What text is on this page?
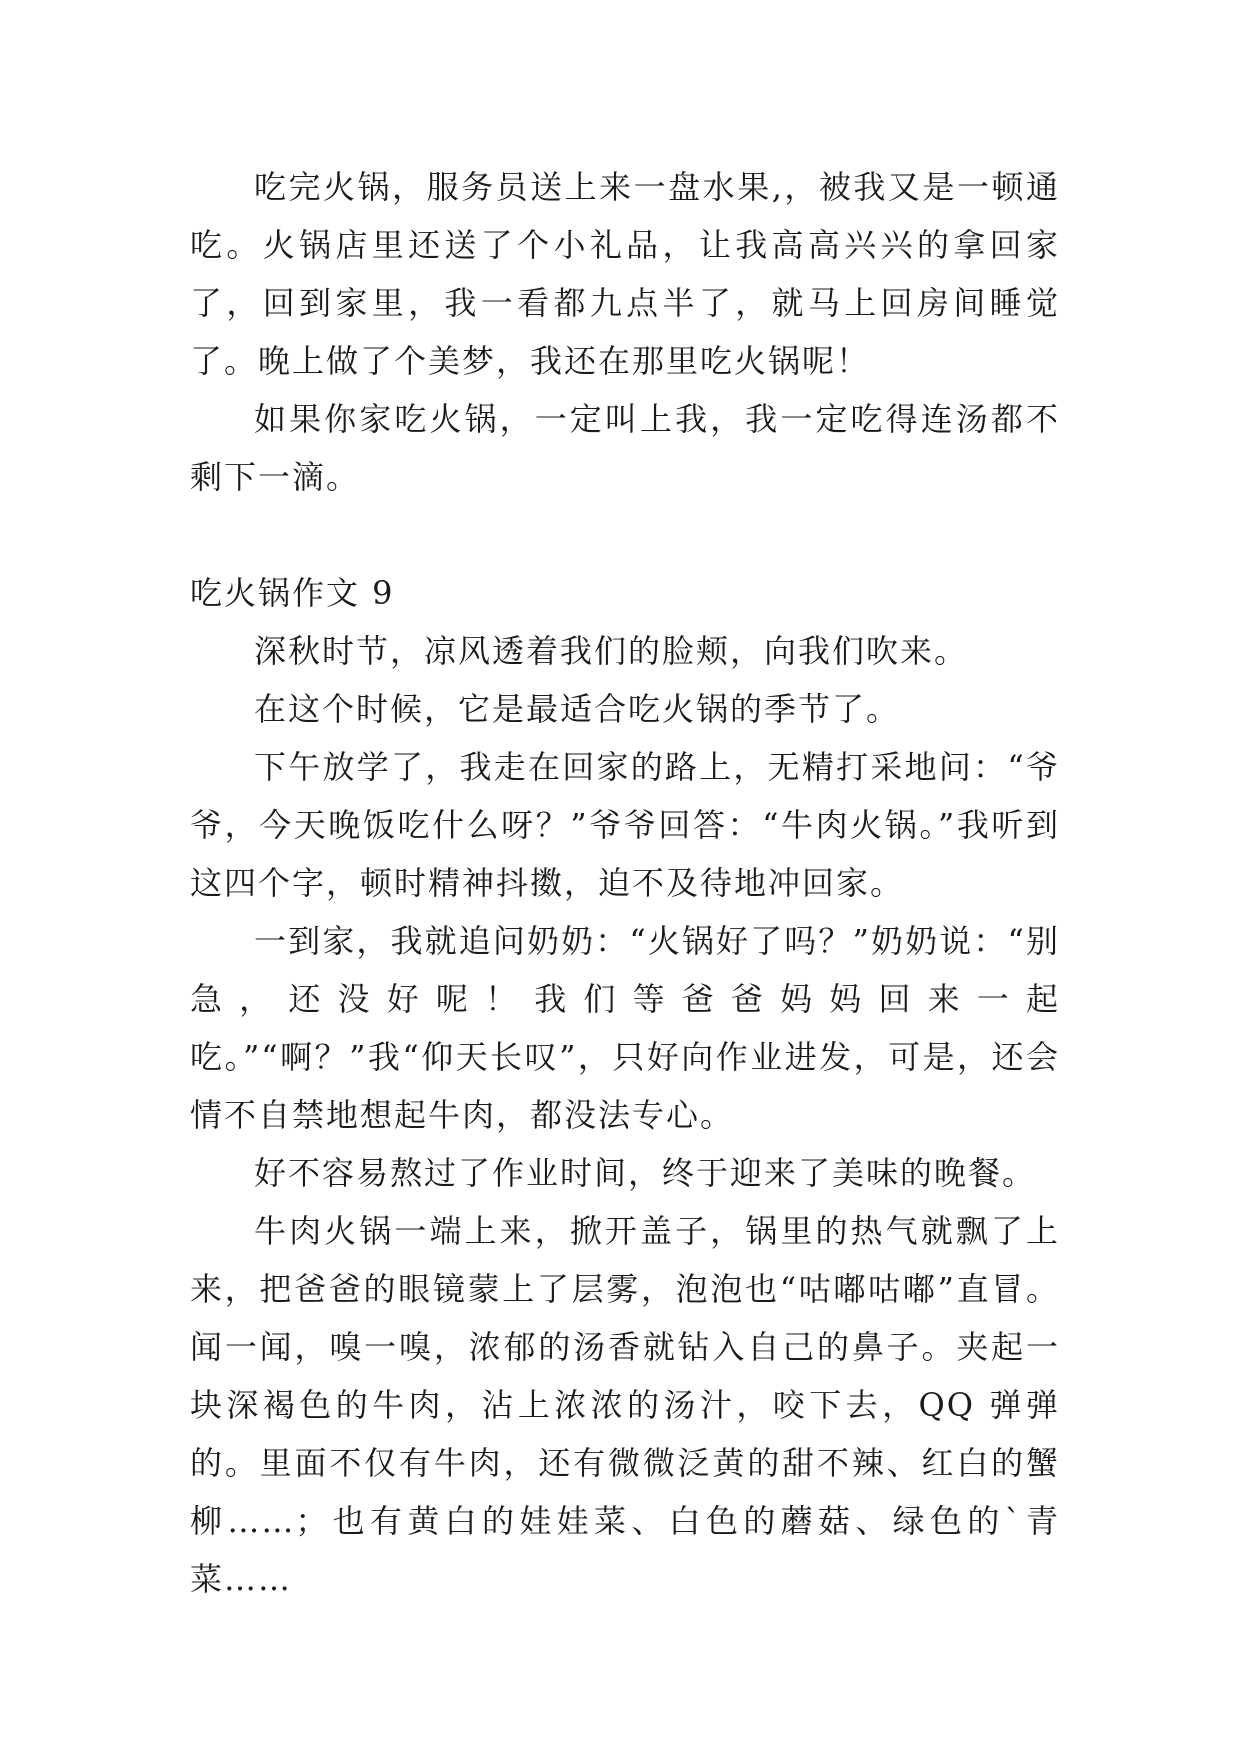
吃完火锅，服务员送上来一盘水果,，被我又是一顿通吃。火锅店里还送了个小礼品，让我高高兴兴的拿回家了，回到家里，我一看都九点半了，就马上回房间睡觉了。晚上做了个美梦，我还在那里吃火锅呢！

如果你家吃火锅，一定叫上我，我一定吃得连汤都不剩下一滴。

吃火锅作文 9

深秋时节，凉风透着我们的脸颊，向我们吹来。

在这个时候，它是最适合吃火锅的季节了。

下午放学了，我走在回家的路上，无精打采地问：“爷爷，今天晚饭吃什么呀？”爷爷回答：“牛肉火锅。”我听到这四个字，顿时精神抖擞，迫不及待地冲回家。

一到家，我就追问奶奶：“火锅好了吗？”奶奶说：“别急，还没好呢！我们等爸爸妈妈回来一起吃。”“啊？”我“仰天长叹”，只好向作业进发，可是，还会情不自禁地想起牛肉，都没法专心。

好不容易熬过了作业时间，终于迎来了美味的晚餐。

牛肉火锅一端上来，掀开盖子，锅里的热气就飘了上来，把爸爸的眼镜蒙上了层雾，泡泡也“咕嘟咕嘟”直冒。闻一闻，嗅一嗅，浓郁的汤香就钻入自己的鼻子。夹起一块深褐色的牛肉，沾上浓浓的汤汁，咬下去，QQ 弹弹的。里面不仅有牛肉，还有微微泛黄的甜不辣、红白的蟹柳……；也有黄白的娃娃菜、白色的蘑菇、绿色的`青菜……
